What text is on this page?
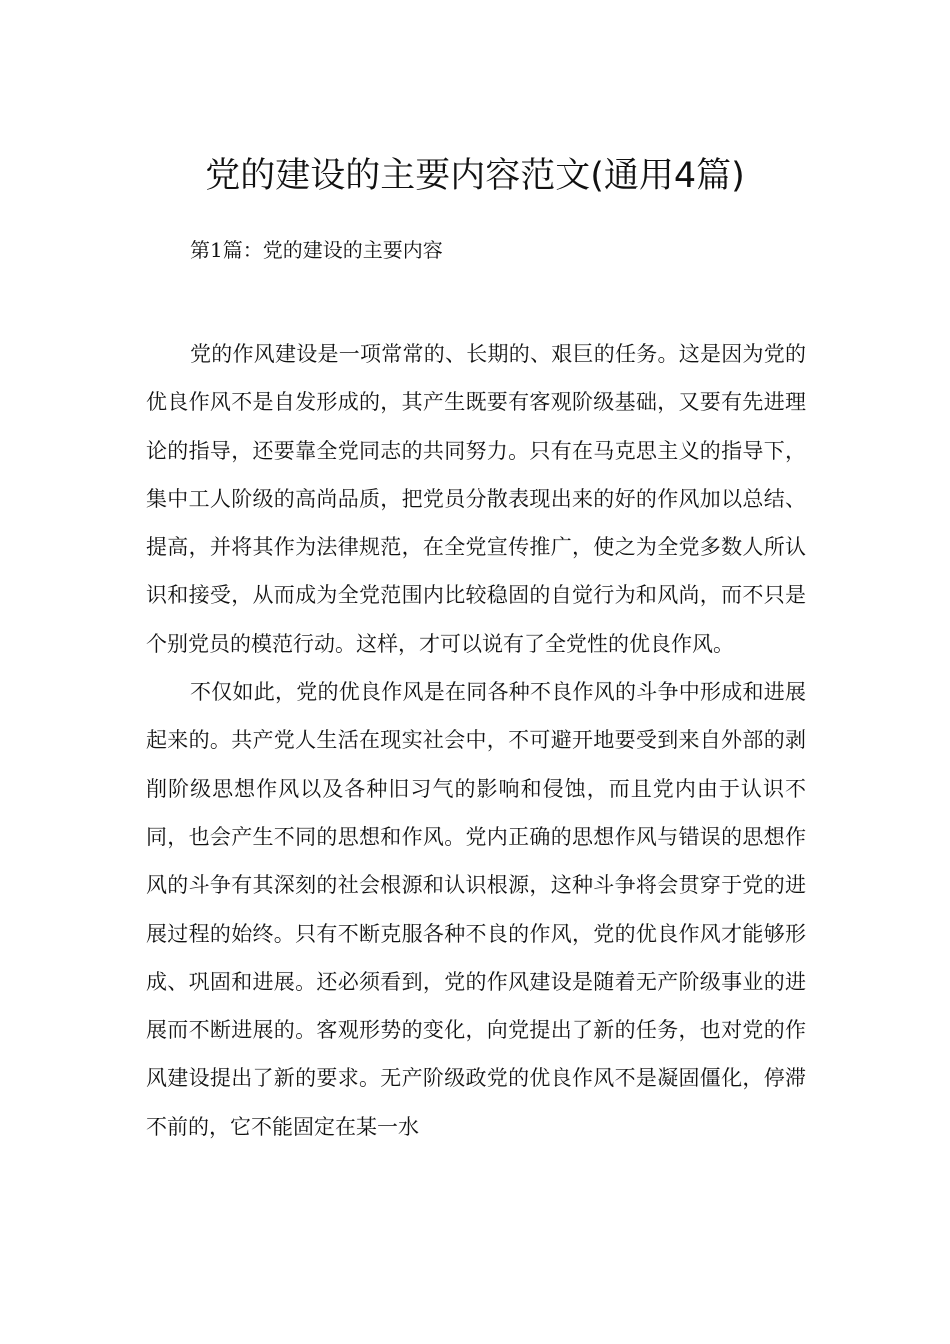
党的建设的主要内容范文(通用4篇)
第1篇：党的建设的主要内容

党的作风建设是一项常常的、长期的、艰巨的任务。这是因为党的优良作风不是自发形成的，其产生既要有客观阶级基础，又要有先进理论的指导，还要靠全党同志的共同努力。只有在马克思主义的指导下，集中工人阶级的高尚品质，把党员分散表现出来的好的作风加以总结、提高，并将其作为法律规范，在全党宣传推广，使之为全党多数人所认识和接受，从而成为全党范围内比较稳固的自觉行为和风尚，而不只是个别党员的模范行动。这样，才可以说有了全党性的优良作风。

不仅如此，党的优良作风是在同各种不良作风的斗争中形成和进展起来的。共产党人生活在现实社会中，不可避开地要受到来自外部的剥削阶级思想作风以及各种旧习气的影响和侵蚀，而且党内由于认识不同，也会产生不同的思想和作风。党内正确的思想作风与错误的思想作风的斗争有其深刻的社会根源和认识根源，这种斗争将会贯穿于党的进展过程的始终。只有不断克服各种不良的作风，党的优良作风才能够形成、巩固和进展。还必须看到，党的作风建设是随着无产阶级事业的进展而不断进展的。客观形势的变化，向党提出了新的任务，也对党的作风建设提出了新的要求。无产阶级政党的优良作风不是凝固僵化，停滞不前的，它不能固定在某一水
